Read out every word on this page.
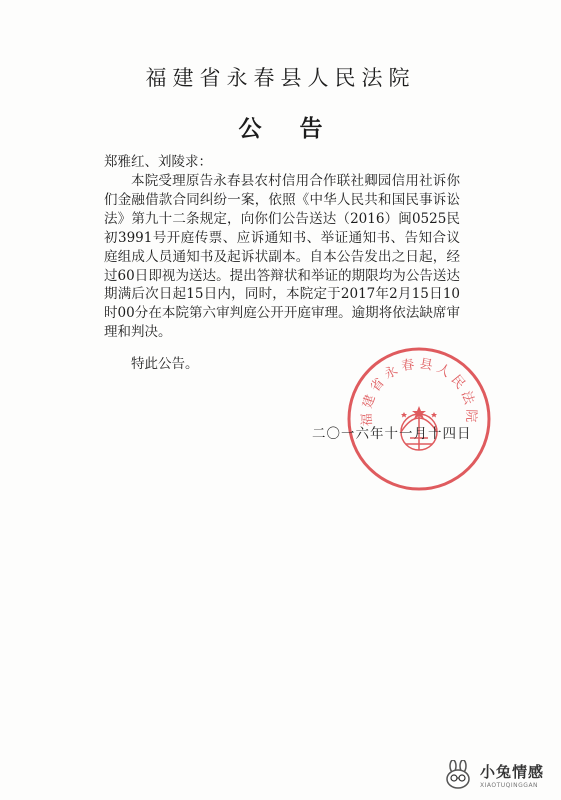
福建省永春县人民法院
公告
郑雅红、刘陵求：
本院受理原告永春县农村信用合作联社卿园信用社诉你们金融借款合同纠纷一案，依照《中华人民共和国民事诉讼法》第九十二条规定，向你们公告送达（2016）闽0525民初3991号开庭传票、应诉通知书、举证通知书、告知合议庭组成人员通知书及起诉状副本。自本公告发出之日起，经过60日即视为送达。提出答辩状和举证的期限均为公告送达期满后次日起15日内，同时，本院定于2017年2月15日10时00分在本院第六审判庭公开开庭审理。逾期将依法缺席审理和判决。
特此公告。
福建省永春县人民法院
二〇一六年十一月十四日
小兔情感
XIAOTUQINGGAN
